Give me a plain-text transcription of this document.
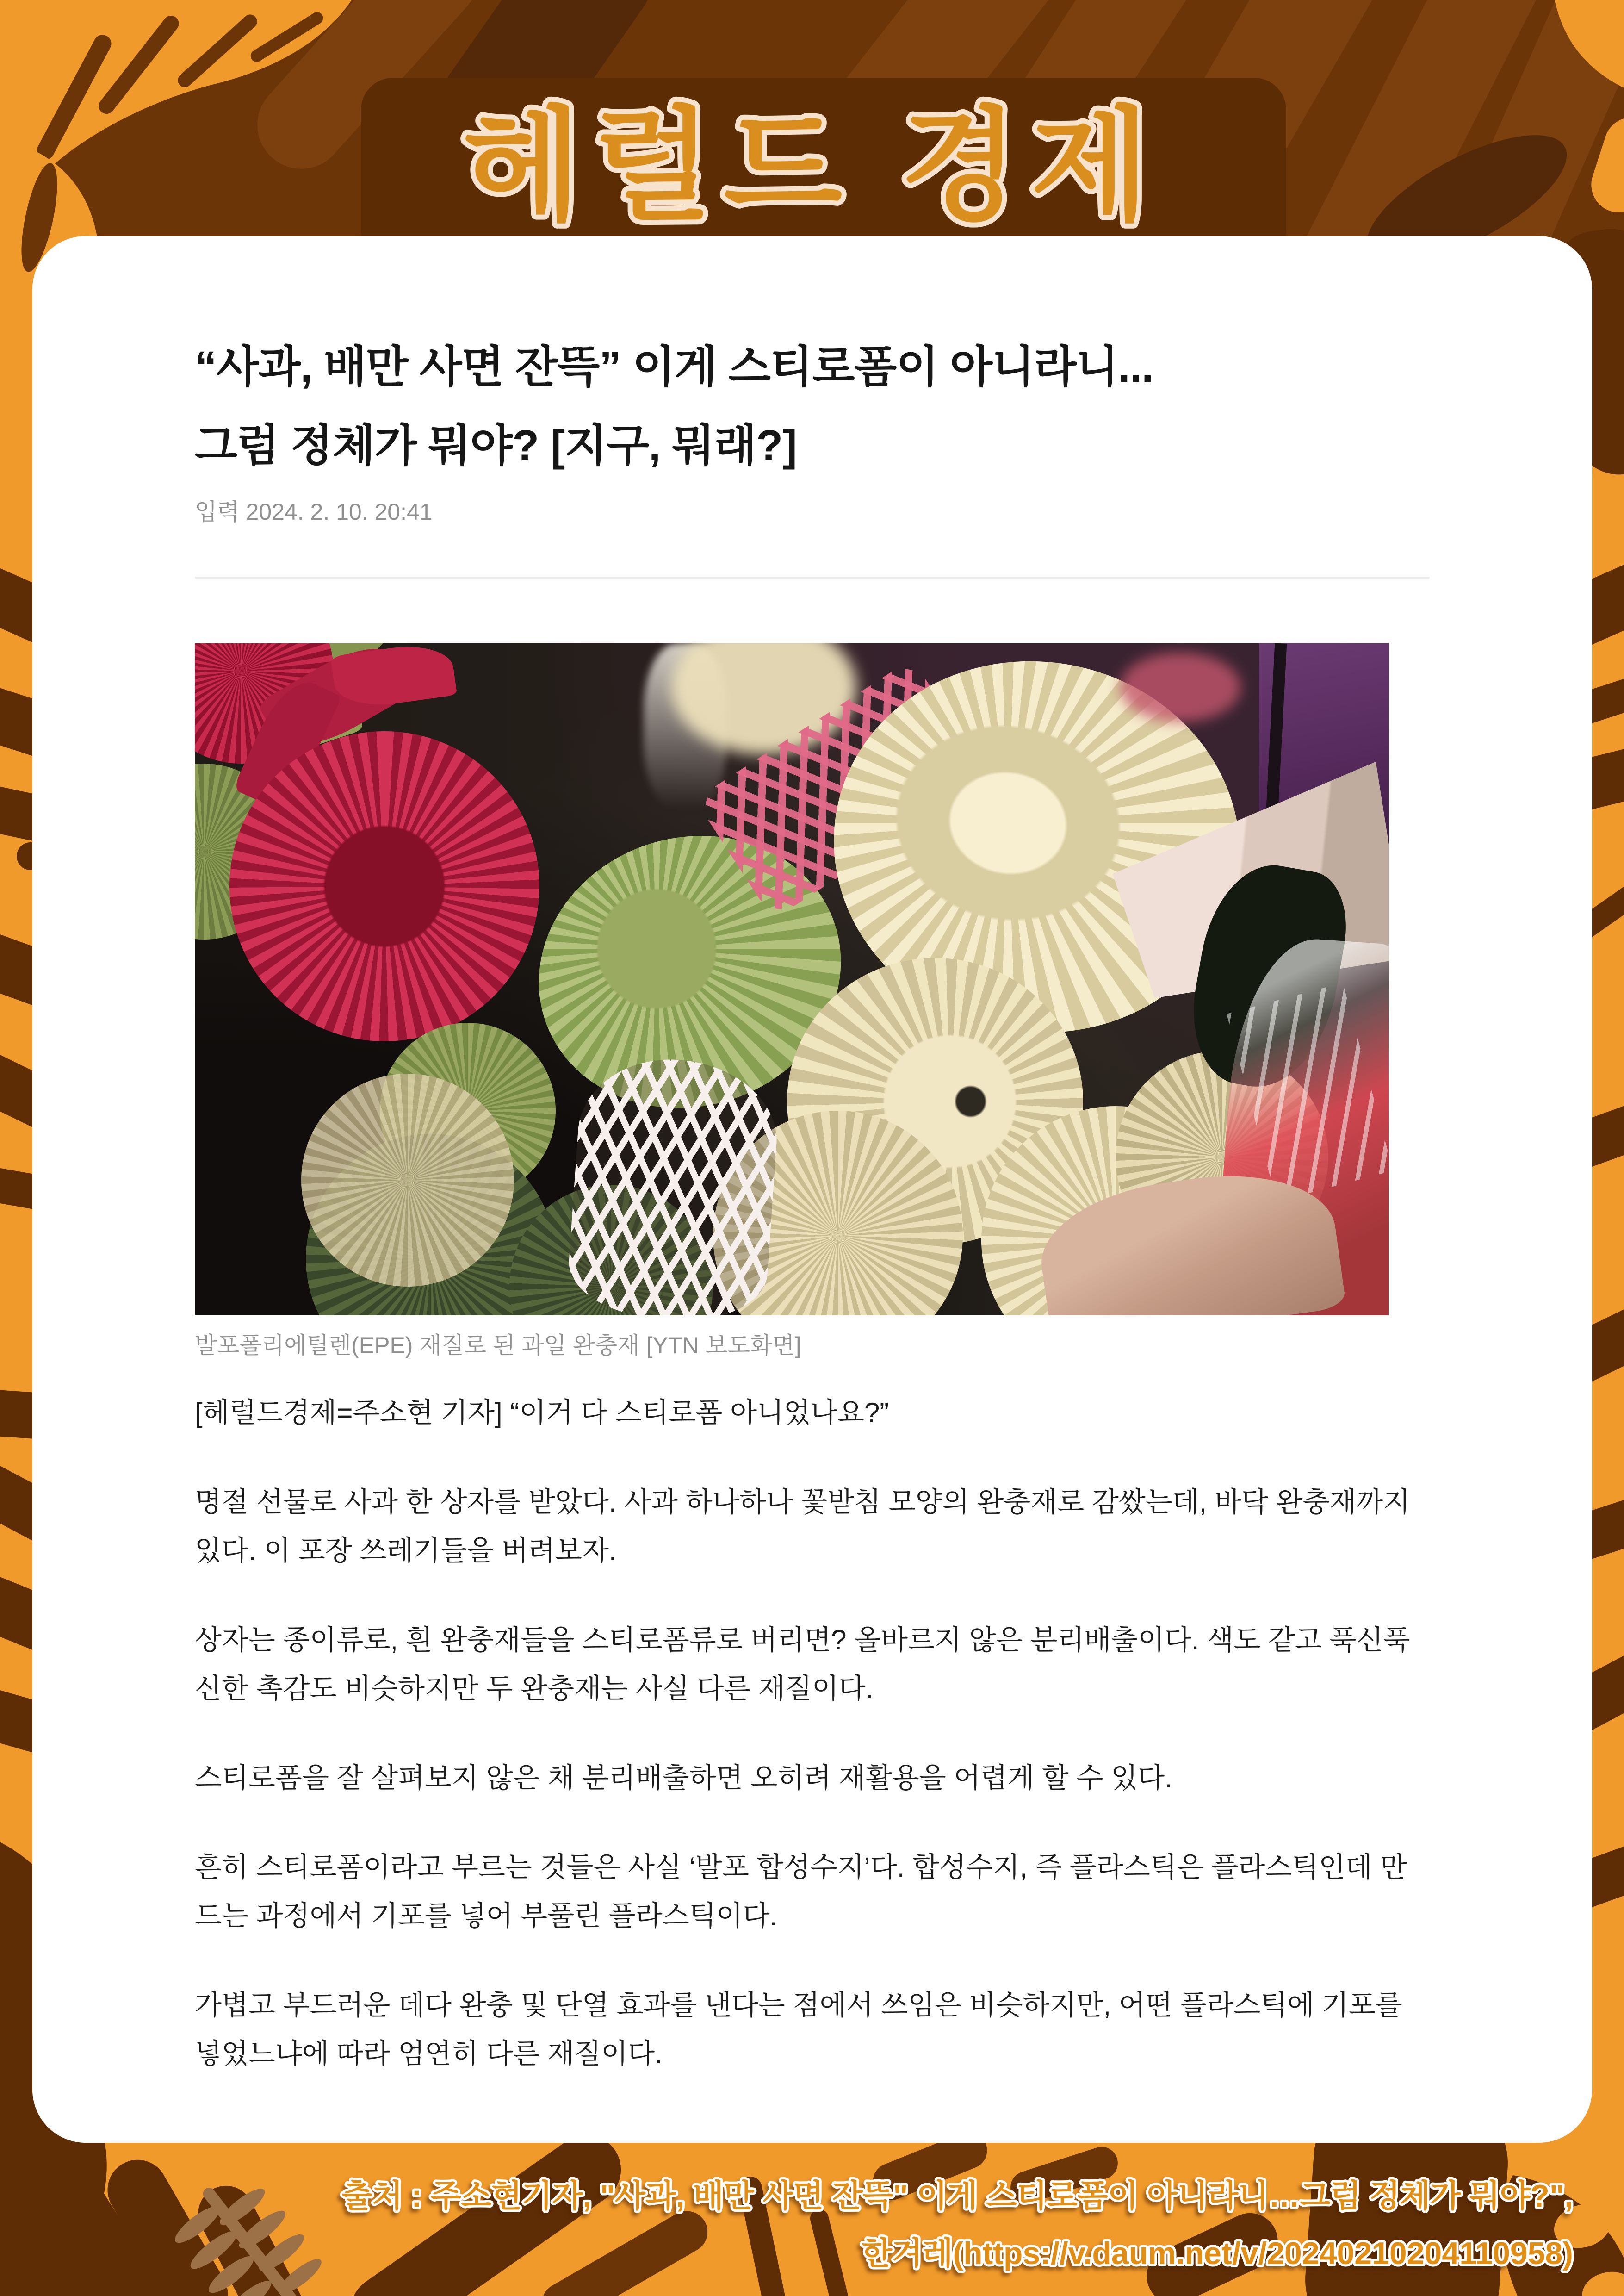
헤럴드 경제
출처 : 주소현기자, "사과, 배만 사면 잔뜩" 이게 스티로폼이 아니라니…그럼 정체가 뭐야?",
한겨레(https://v.daum.net/v/20240210204110958)
“사과, 배만 사면 잔뜩” 이게 스티로폼이 아니라니...
그럼 정체가 뭐야? [지구, 뭐래?]
입력 2024. 2. 10. 20:41
발포폴리에틸렌(EPE) 재질로 된 과일 완충재 [YTN 보도화면]

[헤럴드경제=주소현 기자] “이거 다 스티로폼 아니었나요?”

명절 선물로 사과 한 상자를 받았다. 사과 하나하나 꽃받침 모양의 완충재로 감쌌는데, 바닥 완충재까지 있다. 이 포장 쓰레기들을 버려보자.

상자는 종이류로, 흰 완충재들을 스티로폼류로 버리면? 올바르지 않은 분리배출이다. 색도 같고 푹신푹신한 촉감도 비슷하지만 두 완충재는 사실 다른 재질이다.

스티로폼을 잘 살펴보지 않은 채 분리배출하면 오히려 재활용을 어렵게 할 수 있다.

흔히 스티로폼이라고 부르는 것들은 사실 ‘발포 합성수지’다. 합성수지, 즉 플라스틱은 플라스틱인데 만드는 과정에서 기포를 넣어 부풀린 플라스틱이다.

가볍고 부드러운 데다 완충 및 단열 효과를 낸다는 점에서 쓰임은 비슷하지만, 어떤 플라스틱에 기포를 넣었느냐에 따라 엄연히 다른 재질이다.
